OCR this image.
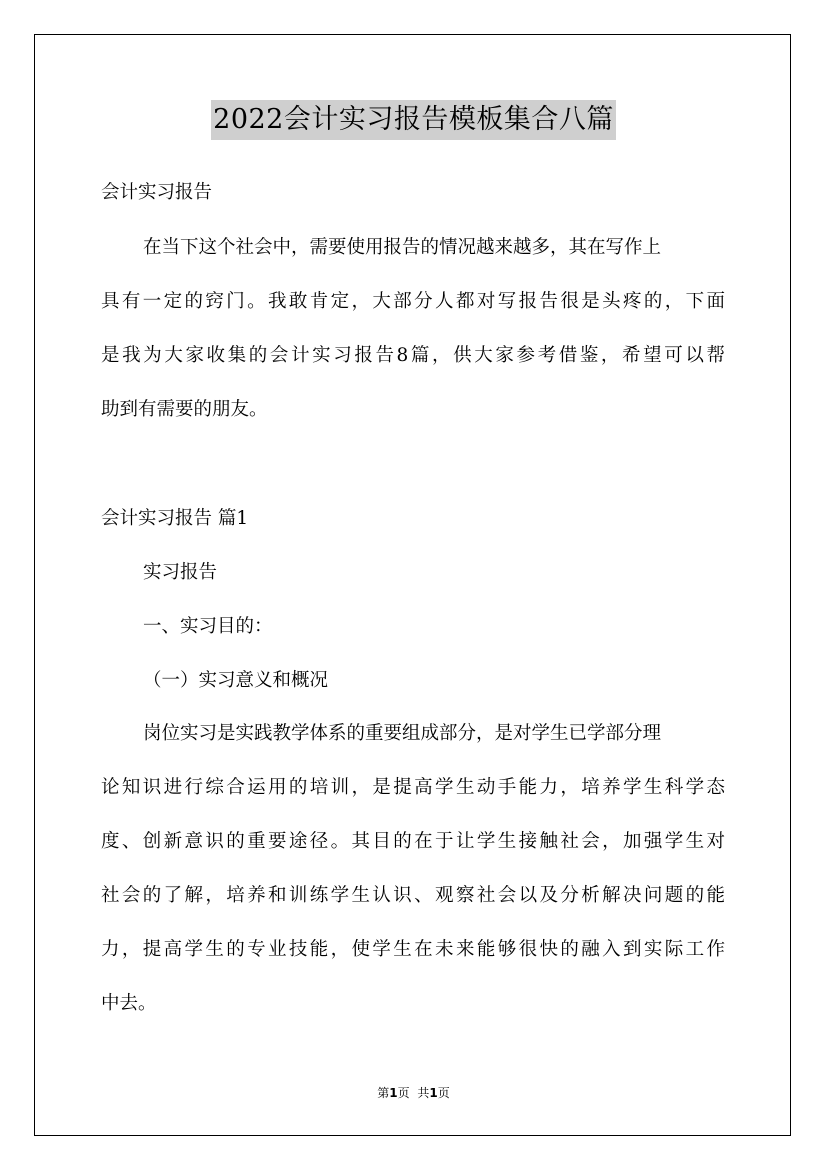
2022会计实习报告模板集合八篇
会计实习报告
在当下这个社会中，需要使用报告的情况越来越多，其在写作上
具有一定的窍门。我敢肯定，大部分人都对写报告很是头疼的，下面
是我为大家收集的会计实习报告8篇，供大家参考借鉴，希望可以帮
助到有需要的朋友。
会计实习报告 篇1
实习报告
一、实习目的：
（一）实习意义和概况
岗位实习是实践教学体系的重要组成部分，是对学生已学部分理
论知识进行综合运用的培训，是提高学生动手能力，培养学生科学态
度、创新意识的重要途径。其目的在于让学生接触社会，加强学生对
社会的了解，培养和训练学生认识、观察社会以及分析解决问题的能
力，提高学生的专业技能，使学生在未来能够很快的融入到实际工作
中去。
第1页 共1页
